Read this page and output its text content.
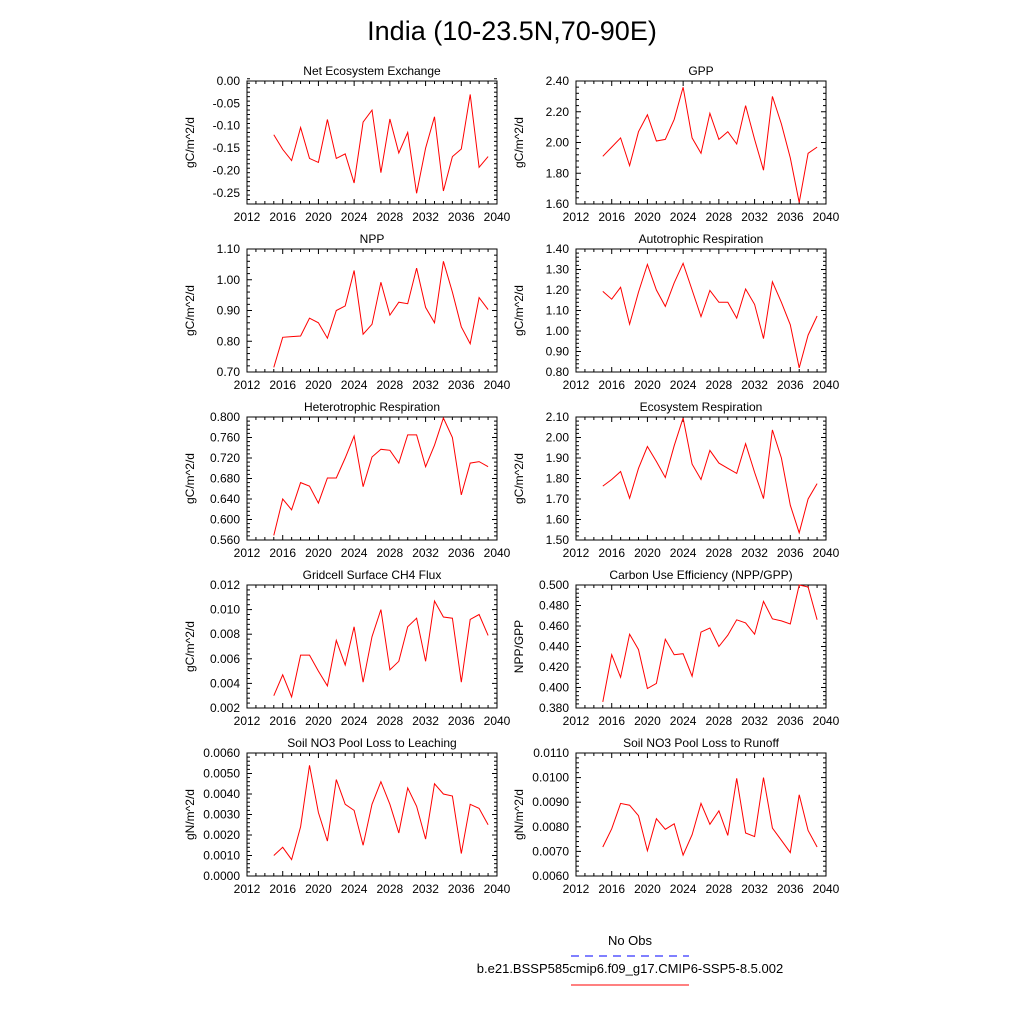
India (10-23.5N,70-90E)
Net Ecosystem Exchange
2012 2016 2020 2024 2028 2032 2036 2040
0.00
-0.05
-0.10
-0.15
-0.20
-0.25
gC/m^2/d
GPP
2012 2016 2020 2024 2028 2032 2036 2040
2.40
2.20
2.00
1.80
1.60
gC/m^2/d
NPP
2012 2016 2020 2024 2028 2032 2036 2040
1.10
1.00
0.90
0.80
0.70
gC/m^2/d
Autotrophic Respiration
2012 2016 2020 2024 2028 2032 2036 2040
1.40
1.30
1.20
1.10
1.00
0.90
0.80
gC/m^2/d
Heterotrophic Respiration
2012 2016 2020 2024 2028 2032 2036 2040
0.800
0.760
0.720
0.680
0.640
0.600
0.560
gC/m^2/d
Ecosystem Respiration
2012 2016 2020 2024 2028 2032 2036 2040
2.10
2.00
1.90
1.80
1.70
1.60
1.50
gC/m^2/d
Gridcell Surface CH4 Flux
2012 2016 2020 2024 2028 2032 2036 2040
0.012
0.010
0.008
0.006
0.004
0.002
gC/m^2/d
Carbon Use Efficiency (NPP/GPP)
2012 2016 2020 2024 2028 2032 2036 2040
0.500
0.480
0.460
0.440
0.420
0.400
0.380
NPP/GPP
Soil NO3 Pool Loss to Leaching
2012 2016 2020 2024 2028 2032 2036 2040
0.0060
0.0050
0.0040
0.0030
0.0020
0.0010
0.0000
gN/m^2/d
Soil NO3 Pool Loss to Runoff
2012 2016 2020 2024 2028 2032 2036 2040
0.0110
0.0100
0.0090
0.0080
0.0070
0.0060
gN/m^2/d
No Obs
b.e21.BSSP585cmip6.f09_g17.CMIP6-SSP5-8.5.002
